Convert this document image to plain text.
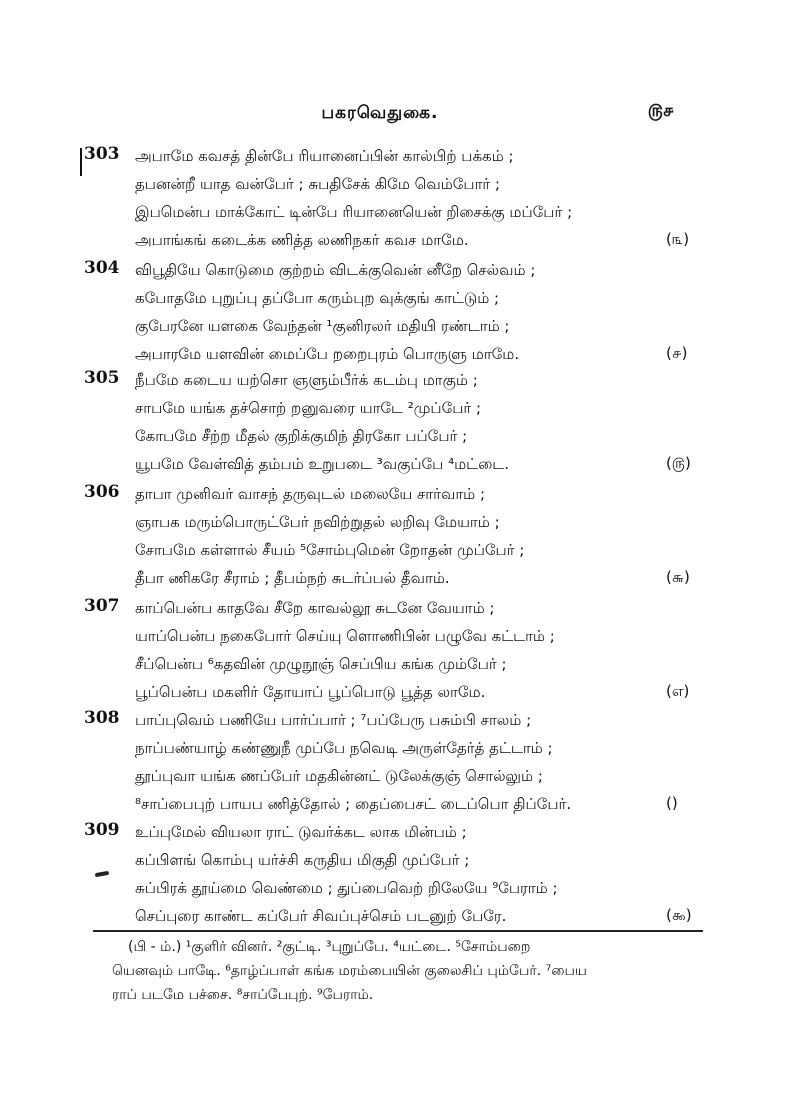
பகரவெதுகை.	௫௪
303 அபாமே கவசத் தின்பே ரியானைப்பின் கால்பிற் பக்கம் ;
தபனன்றீ யாத வன்பேர் ; சுபதிசேக் கிமே வெம்போர் ;
இபமென்ப மாக்கோட் டின்பே ரியானையென் றிசைக்கு மப்பேர் ;
அபாங்கங் கடைக்க ணித்த லணிநகர் கவச மாமே.	(௩)
304 விபூதியே கொடுமை குற்றம் விடக்குவென் னீறே செல்வம் ;
கபோதமே புறுப்பு தப்போ கரும்புற வுக்குங் காட்டும் ;
குபேரனே யளகை வேந்தன் ¹குனிரலர் மதியி ரண்டாம் ;
அபாரமே யளவின் மைப்பே றறைபுரம் பொருளு மாமே.	(௪)
305 நீபமே கடைய யற்சொ ஞளும்பீர்க் கடம்பு மாகும் ;
சாபமே யங்க தச்சொற் றனுவரை யாடே ²முப்பேர் ;
கோபமே சீற்ற மீதல் குறிக்குமிந் திரகோ பப்பேர் ;
யூபமே வேள்வித் தம்பம் உறுபடை ³வகுப்பே ⁴மட்டை.	(௫)
306 தாபா முனிவர் வாசந் தருவுடல் மலையே சார்வாம் ;
ஞாபக மரும்பொருட்பேர் நவிற்றுதல் லறிவு மேயாம் ;
சோபமே கள்ளால் சீயம் ⁵சோம்புமென் றோதன் முப்பேர் ;
தீபா ணிகரே சீராம் ; தீபம்நற் சுடர்ப்பல் தீவாம்.	(௬)
307 காப்பென்ப காதவே சீறே காவல்லூ சுடனே வேயாம் ;
யாப்பென்ப நகைபோர் செய்யு ளொணிபின் பழுவே கட்டாம் ;
சீப்பென்ப ⁶கதவின் முழுநூஞ் செப்பிய கங்க மும்பேர் ;
பூப்பென்ப மகளிர் தோயாப் பூப்பொடு பூத்த லாமே.	(எ)
308 பாப்புவெம் பணியே பார்ப்பார் ; ⁷பப்பேரு பசும்பி சாலம் ;
நாப்பண்யாழ் கண்ணுநீ முப்பே நவெடி அருள்தேர்த் தட்டாம் ;
தூப்புவா யங்க ணப்பேர் மதகின்னட் டுலேக்குஞ் சொல்லும் ;
⁸சாப்பைபுற் பாயப ணித்தோல் ; தைப்பைசட் டைப்பொ திப்பேர்.	()
309 உப்புமேல் வியலா ராட் டுவர்க்கட லாக மின்பம் ;
கப்பிளங் கொம்பு யர்ச்சி கருதிய மிகுதி முப்பேர் ;
சுப்பிரக் தூய்மை வெண்மை ; துப்பைவெற் றிலேயே ⁹பேராம் ;
செப்புரை காண்ட கப்பேர் சிவப்புச்செம் படனுற் பேரே.	(௯)
(பி - ம்.) ¹குளிர் வினர். ²குட்டி. ³புறுப்பே. ⁴யட்டை. ⁵சோம்பறை
யெனவும் பாடிே. ⁶தாழ்ப்பாள் கங்க மரம்பையின் குலைசிப் பும்பேர். ⁷பைய
ராப் படமே பச்சை. ⁸சாப்பேபுற். ⁹பேராம்.
